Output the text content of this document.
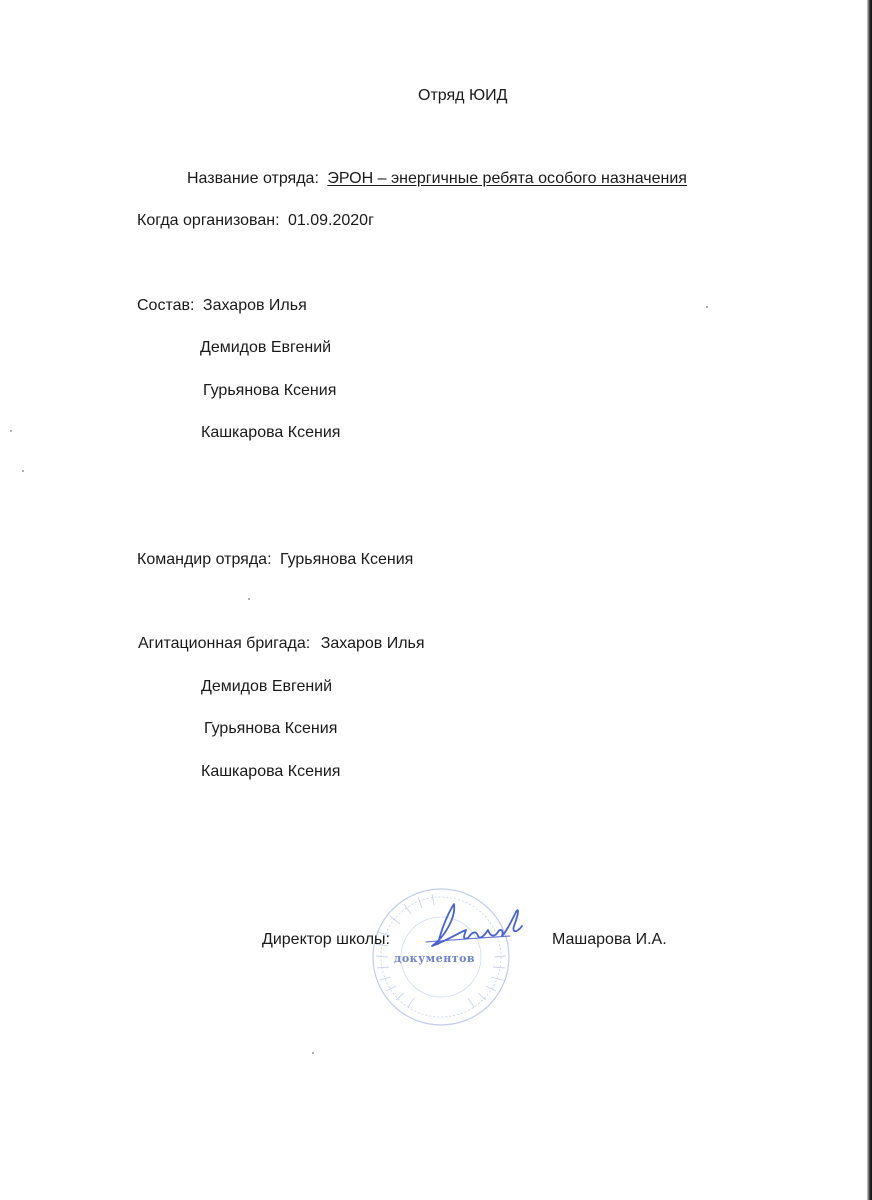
Отряд ЮИД
Название отряда: ЭРОН – энергичные ребята особого назначения
Когда организован: 01.09.2020г
Состав: Захаров Илья
Демидов Евгений
Гурьянова Ксения
Кашкарова Ксения
Командир отряда: Гурьянова Ксения
Агитационная бригада: Захаров Илья
Демидов Евгений
Гурьянова Ксения
Кашкарова Ксения
документов
Директор школы:	Машарова И.А.
